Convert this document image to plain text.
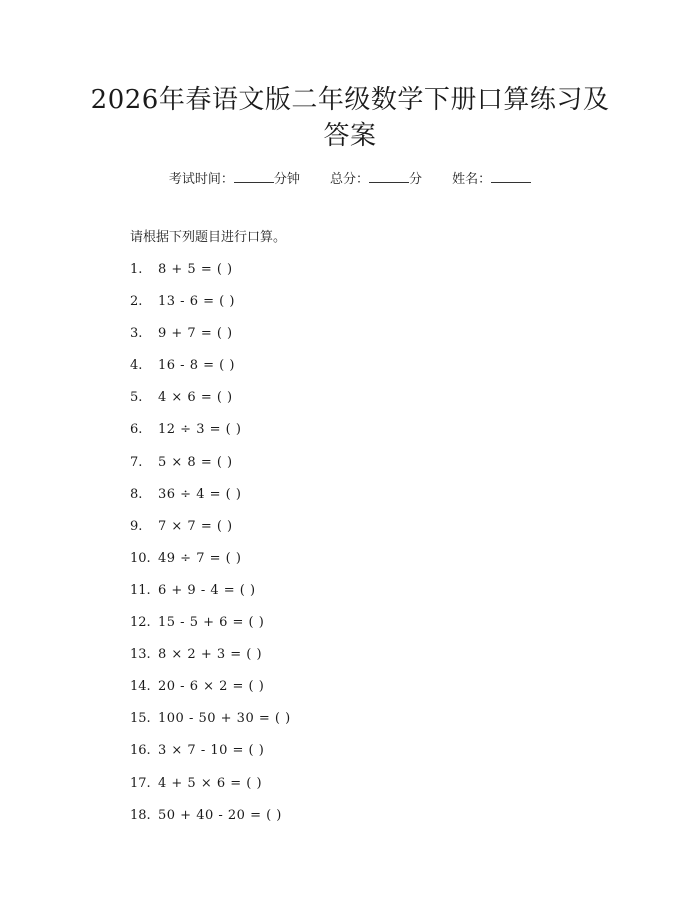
2026年春语文版二年级数学下册口算练习及答案
考试时间：	分钟 总分：	分 姓名：

请根据下列题目进行口算。

1. 8 + 5 = ( )
2. 13 - 6 = ( )
3. 9 + 7 = ( )
4. 16 - 8 = ( )
5. 4 × 6 = ( )
6. 12 ÷ 3 = ( )
7. 5 × 8 = ( )
8. 36 ÷ 4 = ( )
9. 7 × 7 = ( )
10. 49 ÷ 7 = ( )
11. 6 + 9 - 4 = ( )
12. 15 - 5 + 6 = ( )
13. 8 × 2 + 3 = ( )
14. 20 - 6 × 2 = ( )
15. 100 - 50 + 30 = ( )
16. 3 × 7 - 10 = ( )
17. 4 + 5 × 6 = ( )
18. 50 + 40 - 20 = ( )
